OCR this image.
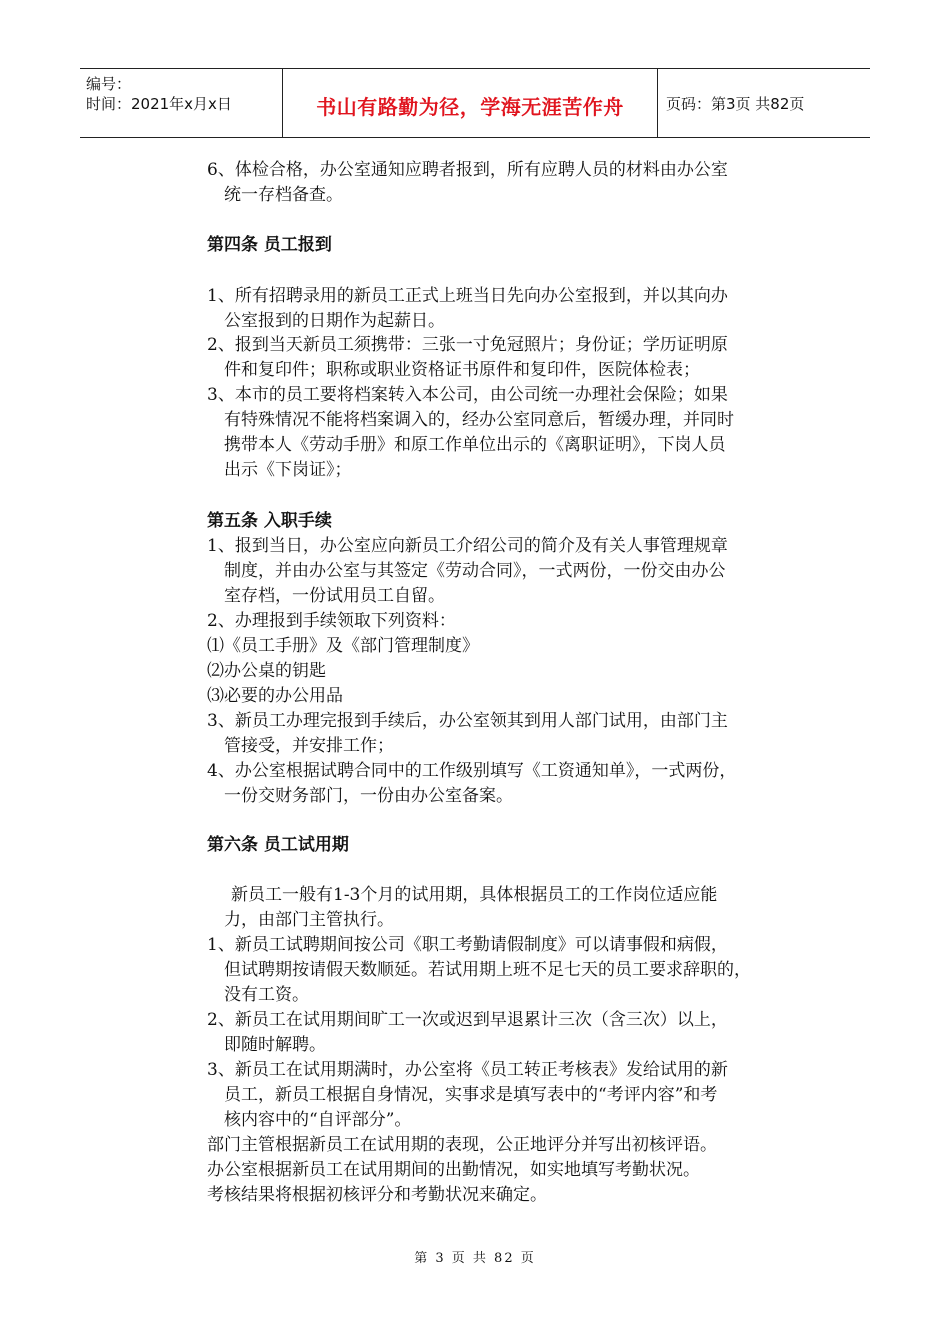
编号：
时间：2021年x月x日	书山有路勤为径，学海无涯苦作舟	页码：第3页 共82页
6、体检合格，办公室通知应聘者报到，所有应聘人员的材料由办公室
统一存档备查。
第四条 员工报到
1、所有招聘录用的新员工正式上班当日先向办公室报到，并以其向办
公室报到的日期作为起薪日。
2、报到当天新员工须携带：三张一寸免冠照片；身份证；学历证明原
件和复印件；职称或职业资格证书原件和复印件，医院体检表；
3、本市的员工要将档案转入本公司，由公司统一办理社会保险；如果
有特殊情况不能将档案调入的，经办公室同意后，暂缓办理，并同时
携带本人《劳动手册》和原工作单位出示的《离职证明》，下岗人员
出示《下岗证》；
第五条 入职手续
1、报到当日，办公室应向新员工介绍公司的简介及有关人事管理规章
制度，并由办公室与其签定《劳动合同》，一式两份，一份交由办公
室存档，一份试用员工自留。
2、办理报到手续领取下列资料：
⑴《员工手册》及《部门管理制度》
⑵办公桌的钥匙
⑶必要的办公用品
3、新员工办理完报到手续后，办公室领其到用人部门试用，由部门主
管接受，并安排工作；
4、办公室根据试聘合同中的工作级别填写《工资通知单》，一式两份，
一份交财务部门，一份由办公室备案。
第六条 员工试用期
新员工一般有1-3个月的试用期，具体根据员工的工作岗位适应能
力，由部门主管执行。
1、新员工试聘期间按公司《职工考勤请假制度》可以请事假和病假，
但试聘期按请假天数顺延。若试用期上班不足七天的员工要求辞职的，
没有工资。
2、新员工在试用期间旷工一次或迟到早退累计三次（含三次）以上，
即随时解聘。
3、新员工在试用期满时，办公室将《员工转正考核表》发给试用的新
员工，新员工根据自身情况，实事求是填写表中的“考评内容”和考
核内容中的“自评部分”。
部门主管根据新员工在试用期的表现，公正地评分并写出初核评语。
办公室根据新员工在试用期间的出勤情况，如实地填写考勤状况。
考核结果将根据初核评分和考勤状况来确定。
第 3 页 共 82 页
